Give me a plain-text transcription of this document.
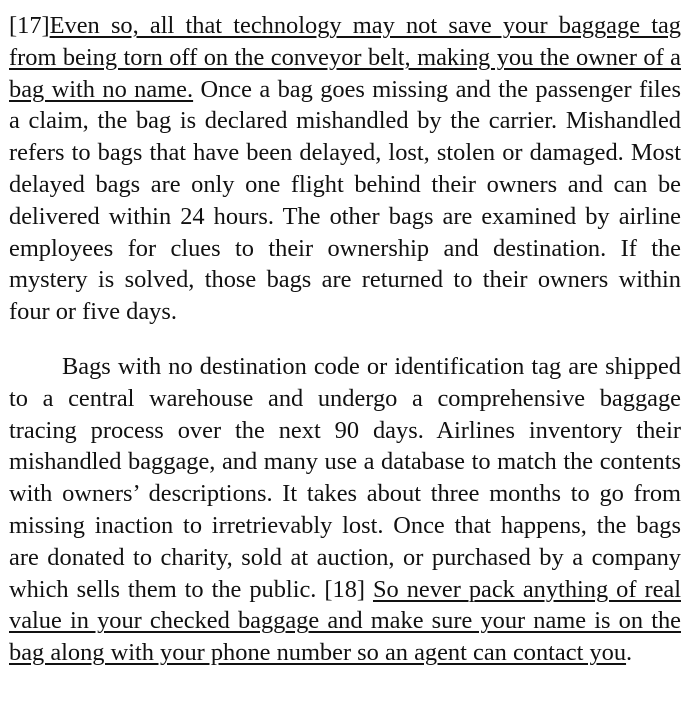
[17]Even so, all that technology may not save your baggage tag from being torn off on the conveyor belt, making you the owner of a bag with no name. Once a bag goes missing and the passenger files a claim, the bag is declared mishandled by the carrier. Mishandled refers to bags that have been delayed, lost, stolen or damaged. Most delayed bags are only one flight behind their owners and can be delivered within 24 hours. The other bags are examined by airline employees for clues to their ownership and destination. If the mystery is solved, those bags are returned to their owners within four or five days.

Bags with no destination code or identification tag are shipped to a central warehouse and undergo a comprehensive baggage tracing process over the next 90 days. Airlines inventory their mishandled baggage, and many use a database to match the contents with owners’ descriptions. It takes about three months to go from missing inaction to irretrievably lost. Once that happens, the bags are donated to charity, sold at auction, or purchased by a company which sells them to the public. [18] So never pack anything of real value in your checked baggage and make sure your name is on the bag along with your phone number so an agent can contact you.
